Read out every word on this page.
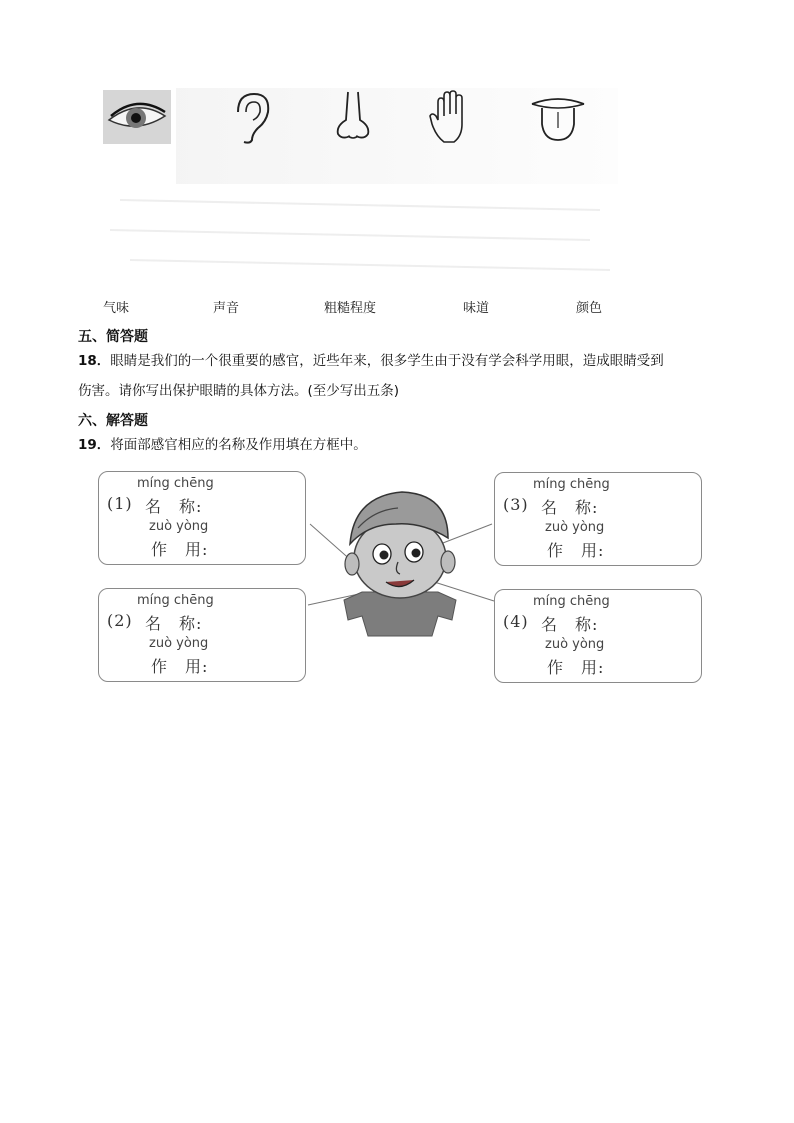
气味	声音	粗糙程度	味道	颜色
五、简答题
18．眼睛是我们的一个很重要的感官，近些年来，很多学生由于没有学会科学用眼，造成眼睛受到
伤害。请你写出保护眼睛的具体方法。(至少写出五条)
六、解答题
19．将面部感官相应的名称及作用填在方框中。
míng chēng
(1) 名　称:
zuò yòng
作　用:
míng chēng
(2) 名　称:
zuò yòng
作　用:
míng chēng
(3) 名　称:
zuò yòng
作　用:
míng chēng
(4) 名　称:
zuò yòng
作　用:
